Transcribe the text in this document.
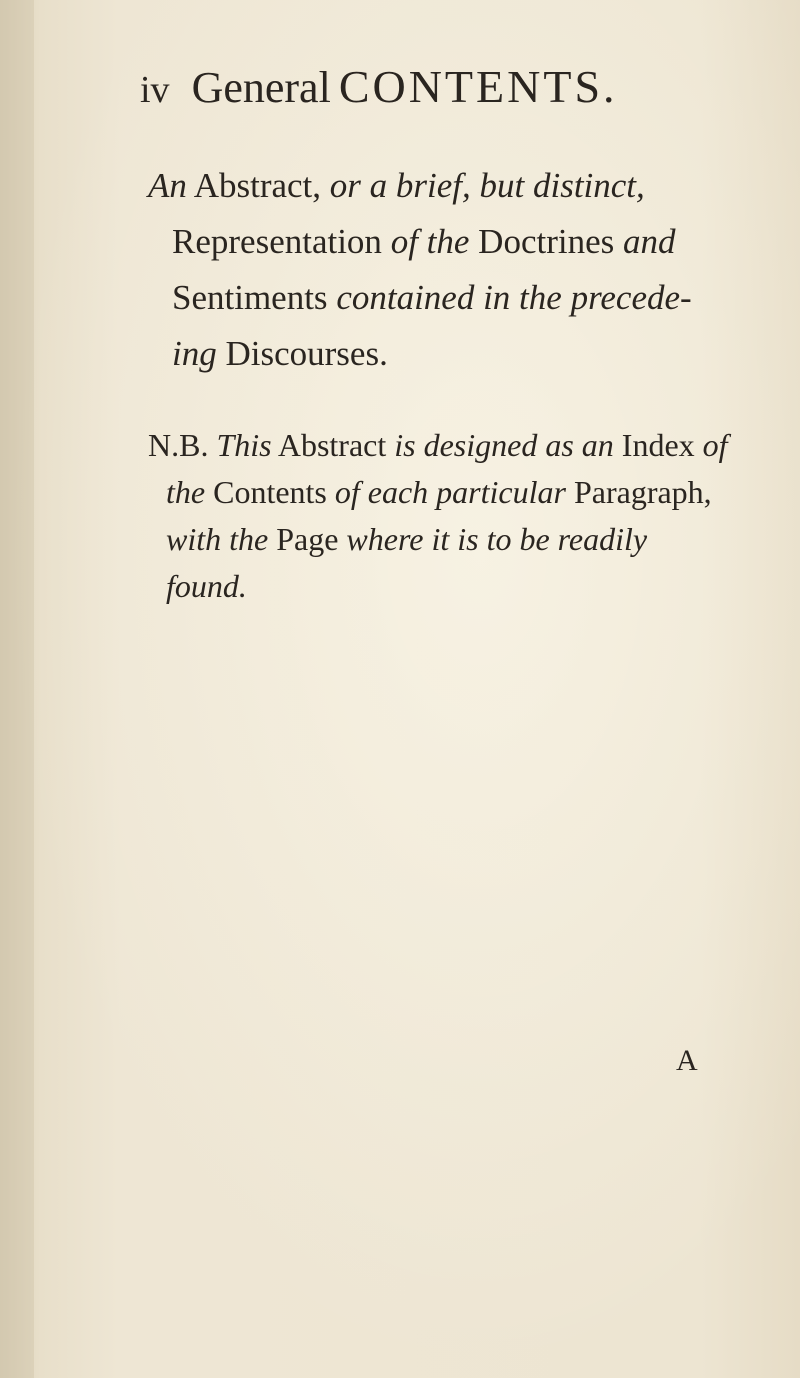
iv General CONTENTS.
An Abstract, or a brief, but distinct,
Representation of the Doctrines and
Sentiments contained in the precede-
ing Discourses.
N.B. This Abstract is designed as an Index of
the Contents of each particular Paragraph,
with the Page where it is to be readily
found.
A
